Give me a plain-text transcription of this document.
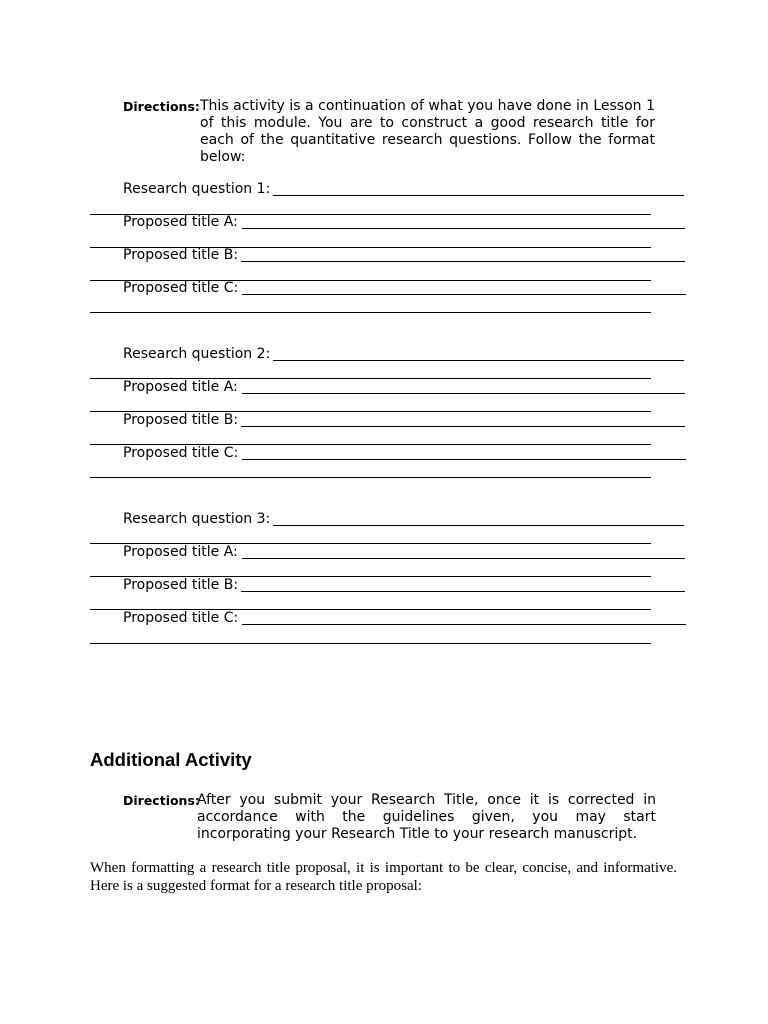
Directions: This activity is a continuation of what you have done in Lesson 1 of this module. You are to construct a good research title for each of the quantitative research questions. Follow the format below:
Research question 1:
Proposed title A:
Proposed title B:
Proposed title C:
Research question 2:
Proposed title A:
Proposed title B:
Proposed title C:
Research question 3:
Proposed title A:
Proposed title B:
Proposed title C:
Additional Activity
Directions:
After you submit your Research Title, once it is corrected in accordance with the guidelines given, you may start incorporating your Research Title to your research manuscript.
When formatting a research title proposal, it is important to be clear, concise, and informative. Here is a suggested format for a research title proposal:
